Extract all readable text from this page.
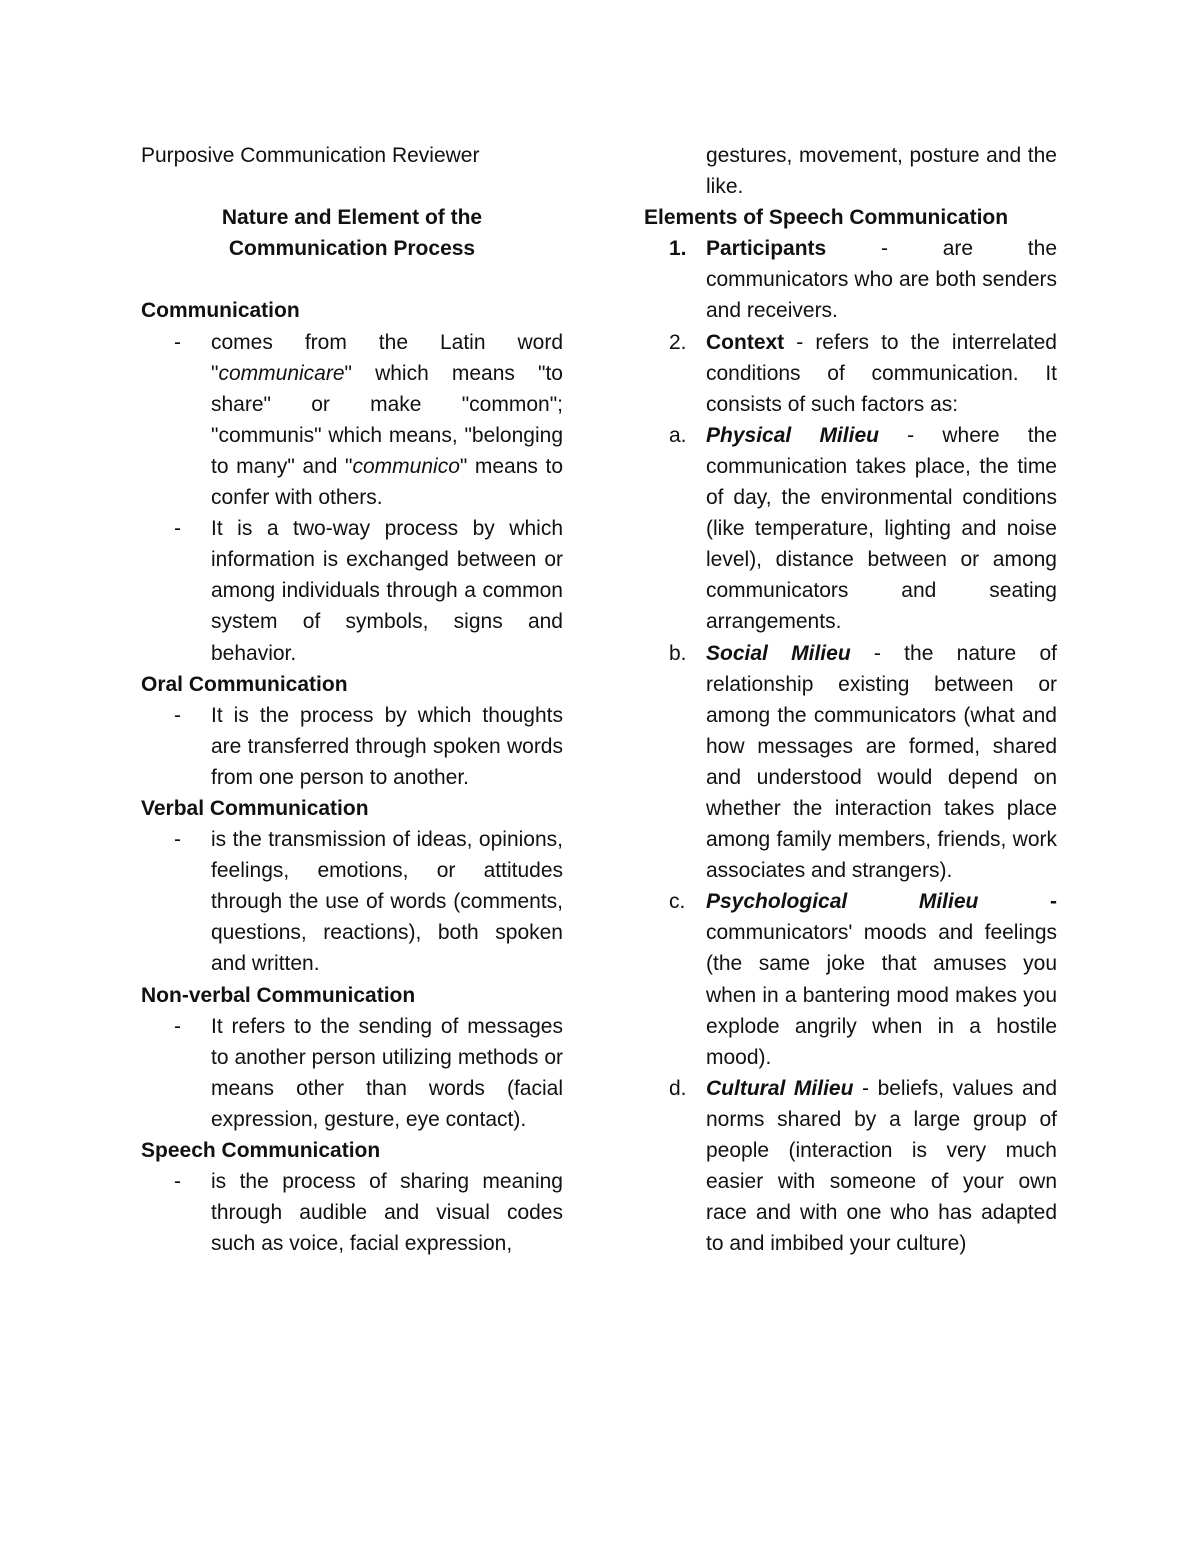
Purposive Communication Reviewer

Nature and Element of the
Communication Process

Communication

- comes from the Latin word "communicare" which means "to share" or make "common"; "communis" which means, "belonging to many" and "communico" means to confer with others.

- It is a two-way process by which information is exchanged between or among individuals through a common system of symbols, signs and behavior.

Oral Communication

- It is the process by which thoughts are transferred through spoken words from one person to another.

Verbal Communication

- is the transmission of ideas, opinions, feelings, emotions, or attitudes through the use of words (comments, questions, reactions), both spoken and written.

Non-verbal Communication

- It refers to the sending of messages to another person utilizing methods or means other than words (facial expression, gesture, eye contact).

Speech Communication

- is the process of sharing meaning through audible and visual codes such as voice, facial expression,

gestures, movement, posture and the like.

Elements of Speech Communication

1. Participants - are the communicators who are both senders and receivers.

2. Context - refers to the interrelated conditions of communication. It consists of such factors as:

a. Physical Milieu - where the communication takes place, the time of day, the environmental conditions (like temperature, lighting and noise level), distance between or among communicators and seating arrangements.

b. Social Milieu - the nature of relationship existing between or among the communicators (what and how messages are formed, shared and understood would depend on whether the interaction takes place among family members, friends, work associates and strangers).

c. Psychological Milieu - communicators' moods and feelings (the same joke that amuses you when in a bantering mood makes you explode angrily when in a hostile mood).

d. Cultural Milieu - beliefs, values and norms shared by a large group of people (interaction is very much easier with someone of your own race and with one who has adapted to and imbibed your culture)
